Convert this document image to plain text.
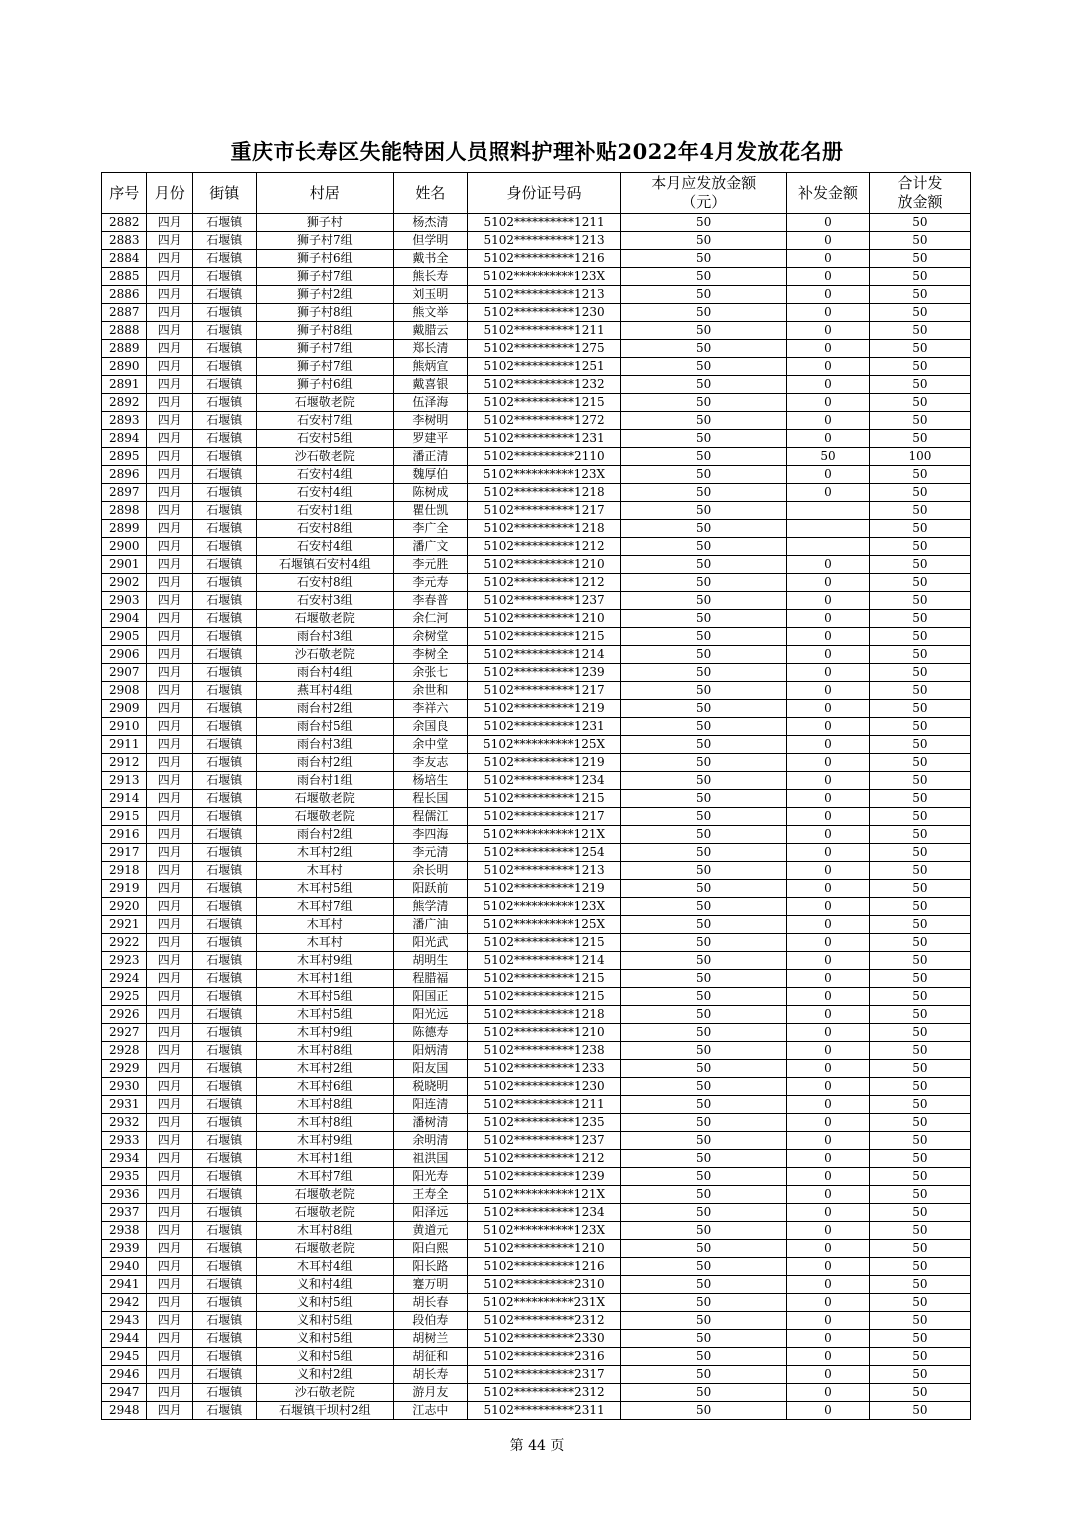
重庆市长寿区失能特困人员照料护理补贴2022年4月发放花名册
序号	月份	街镇	村居	姓名	身份证号码	本月应发放金额（元）	补发金额	合计发放金额
2882	四月	石堰镇	狮子村	杨杰清	5102**********1211	50	0	50
2883	四月	石堰镇	狮子村7组	但学明	5102**********1213	50	0	50
2884	四月	石堰镇	狮子村6组	戴书全	5102**********1216	50	0	50
2885	四月	石堰镇	狮子村7组	熊长寿	5102**********123X	50	0	50
2886	四月	石堰镇	狮子村2组	刘玉明	5102**********1213	50	0	50
2887	四月	石堰镇	狮子村8组	熊文举	5102**********1230	50	0	50
2888	四月	石堰镇	狮子村8组	戴腊云	5102**********1211	50	0	50
2889	四月	石堰镇	狮子村7组	郑长清	5102**********1275	50	0	50
2890	四月	石堰镇	狮子村7组	熊炳宣	5102**********1251	50	0	50
2891	四月	石堰镇	狮子村6组	戴喜银	5102**********1232	50	0	50
2892	四月	石堰镇	石堰敬老院	伍泽海	5102**********1215	50	0	50
2893	四月	石堰镇	石安村7组	李树明	5102**********1272	50	0	50
2894	四月	石堰镇	石安村5组	罗建平	5102**********1231	50	0	50
2895	四月	石堰镇	沙石敬老院	潘正清	5102**********2110	50	50	100
2896	四月	石堰镇	石安村4组	魏厚伯	5102**********123X	50	0	50
2897	四月	石堰镇	石安村4组	陈树成	5102**********1218	50	0	50
2898	四月	石堰镇	石安村1组	瞿仕凯	5102**********1217	50		50
2899	四月	石堰镇	石安村8组	李广全	5102**********1218	50		50
2900	四月	石堰镇	石安村4组	潘广文	5102**********1212	50		50
2901	四月	石堰镇	石堰镇石安村4组	李元胜	5102**********1210	50	0	50
2902	四月	石堰镇	石安村8组	李元寿	5102**********1212	50	0	50
2903	四月	石堰镇	石安村3组	李春普	5102**********1237	50	0	50
2904	四月	石堰镇	石堰敬老院	余仁河	5102**********1210	50	0	50
2905	四月	石堰镇	雨台村3组	余树堂	5102**********1215	50	0	50
2906	四月	石堰镇	沙石敬老院	李树全	5102**********1214	50	0	50
2907	四月	石堰镇	雨台村4组	余张七	5102**********1239	50	0	50
2908	四月	石堰镇	燕耳村4组	余世和	5102**********1217	50	0	50
2909	四月	石堰镇	雨台村2组	李祥六	5102**********1219	50	0	50
2910	四月	石堰镇	雨台村5组	余国良	5102**********1231	50	0	50
2911	四月	石堰镇	雨台村3组	余中堂	5102**********125X	50	0	50
2912	四月	石堰镇	雨台村2组	李友志	5102**********1219	50	0	50
2913	四月	石堰镇	雨台村1组	杨培生	5102**********1234	50	0	50
2914	四月	石堰镇	石堰敬老院	程长国	5102**********1215	50	0	50
2915	四月	石堰镇	石堰敬老院	程儒江	5102**********1217	50	0	50
2916	四月	石堰镇	雨台村2组	李四海	5102**********121X	50	0	50
2917	四月	石堰镇	木耳村2组	李元清	5102**********1254	50	0	50
2918	四月	石堰镇	木耳村	余长明	5102**********1213	50	0	50
2919	四月	石堰镇	木耳村5组	阳跃前	5102**********1219	50	0	50
2920	四月	石堰镇	木耳村7组	熊学清	5102**********123X	50	0	50
2921	四月	石堰镇	木耳村	潘广油	5102**********125X	50	0	50
2922	四月	石堰镇	木耳村	阳光武	5102**********1215	50	0	50
2923	四月	石堰镇	木耳村9组	胡明生	5102**********1214	50	0	50
2924	四月	石堰镇	木耳村1组	程腊福	5102**********1215	50	0	50
2925	四月	石堰镇	木耳村5组	阳国正	5102**********1215	50	0	50
2926	四月	石堰镇	木耳村5组	阳光远	5102**********1218	50	0	50
2927	四月	石堰镇	木耳村9组	陈德寿	5102**********1210	50	0	50
2928	四月	石堰镇	木耳村8组	阳炳清	5102**********1238	50	0	50
2929	四月	石堰镇	木耳村2组	阳友国	5102**********1233	50	0	50
2930	四月	石堰镇	木耳村6组	税晓明	5102**********1230	50	0	50
2931	四月	石堰镇	木耳村8组	阳连清	5102**********1211	50	0	50
2932	四月	石堰镇	木耳村8组	潘树清	5102**********1235	50	0	50
2933	四月	石堰镇	木耳村9组	余明清	5102**********1237	50	0	50
2934	四月	石堰镇	木耳村1组	祖洪国	5102**********1212	50	0	50
2935	四月	石堰镇	木耳村7组	阳光寿	5102**********1239	50	0	50
2936	四月	石堰镇	石堰敬老院	王寿全	5102**********121X	50	0	50
2937	四月	石堰镇	石堰敬老院	阳泽远	5102**********1234	50	0	50
2938	四月	石堰镇	木耳村8组	黄道元	5102**********123X	50	0	50
2939	四月	石堰镇	石堰敬老院	阳白熙	5102**********1210	50	0	50
2940	四月	石堰镇	木耳村4组	阳长路	5102**********1216	50	0	50
2941	四月	石堰镇	义和村4组	蹇万明	5102**********2310	50	0	50
2942	四月	石堰镇	义和村5组	胡长春	5102**********231X	50	0	50
2943	四月	石堰镇	义和村5组	段伯寿	5102**********2312	50	0	50
2944	四月	石堰镇	义和村5组	胡树兰	5102**********2330	50	0	50
2945	四月	石堰镇	义和村5组	胡征和	5102**********2316	50	0	50
2946	四月	石堰镇	义和村2组	胡长寿	5102**********2317	50	0	50
2947	四月	石堰镇	沙石敬老院	游月友	5102**********2312	50	0	50
2948	四月	石堰镇	石堰镇干坝村2组	江志中	5102**********2311	50	0	50
第 44 页
